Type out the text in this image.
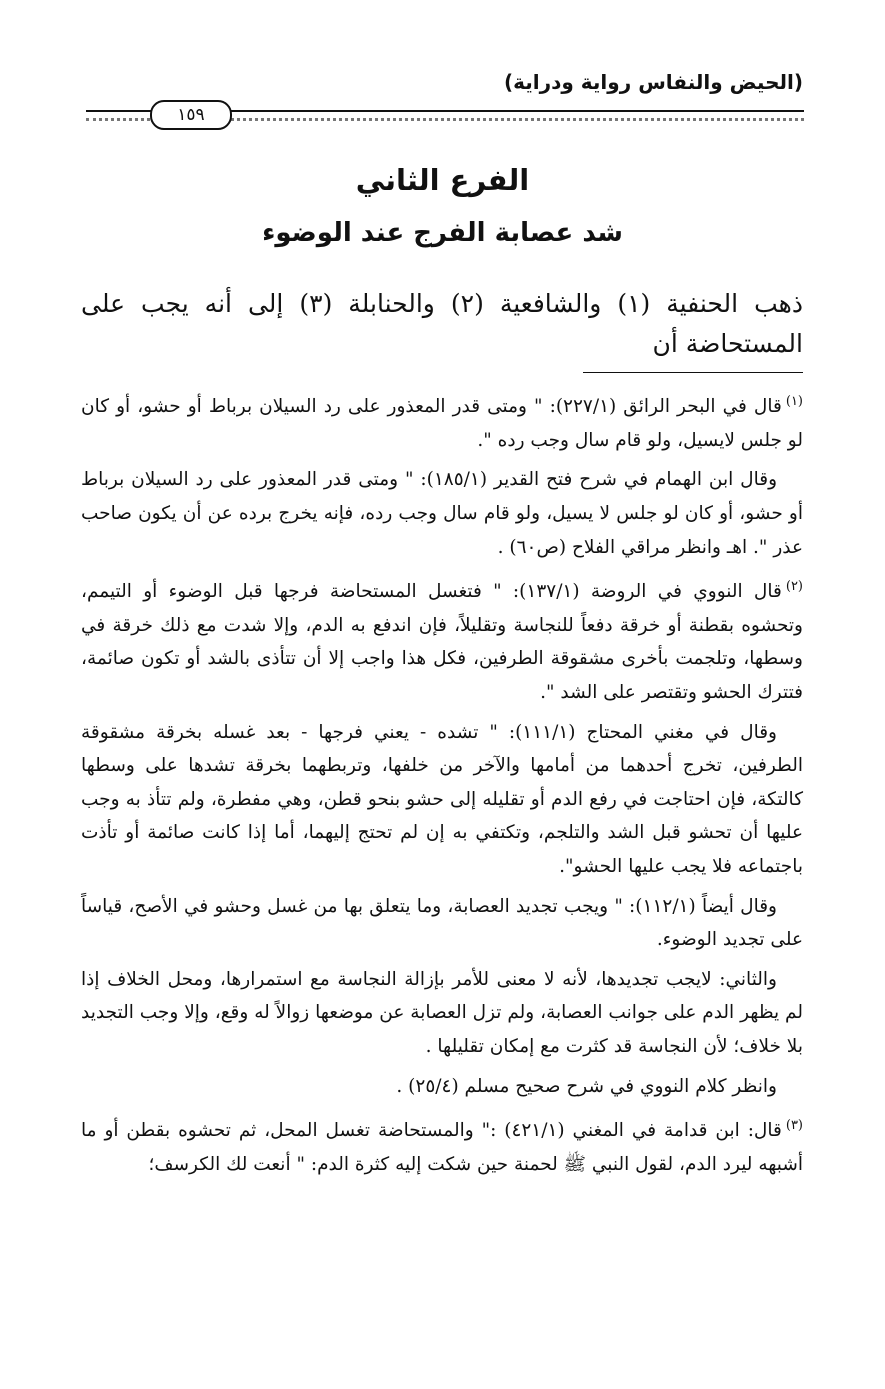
(الحيض والنفاس رواية ودراية)
١٥٩
الفرع الثاني
شد عصابة الفرج عند الوضوء
ذهب الحنفية (١) والشافعية (٢) والحنابلة (٣) إلى أنه يجب على المستحاضة أن

$^{(١)}$قال في البحر الرائق (٢٢٧/١): " ومتى قدر المعذور على رد السيلان برباط أو حشو، أو كان لو جلس لايسيل، ولو قام سال وجب رده ".

وقال ابن الهمام في شرح فتح القدير (١٨٥/١): " ومتى قدر المعذور على رد السيلان برباط أو حشو، أو كان لو جلس لا يسيل، ولو قام سال وجب رده، فإنه يخرج برده عن أن يكون صاحب عذر ". اهـ وانظر مراقي الفلاح (ص٦٠) .

$^{(٢)}$قال النووي في الروضة (١٣٧/١): " فتغسل المستحاضة فرجها قبل الوضوء أو التيمم، وتحشوه بقطنة أو خرقة دفعاً للنجاسة وتقليلاً، فإن اندفع به الدم، وإلا شدت مع ذلك خرقة في وسطها، وتلجمت بأخرى مشقوقة الطرفين، فكل هذا واجب إلا أن تتأذى بالشد أو تكون صائمة، فتترك الحشو وتقتصر على الشد ".

وقال في مغني المحتاج (١١١/١): " تشده - يعني فرجها - بعد غسله بخرقة مشقوقة الطرفين، تخرج أحدهما من أمامها والآخر من خلفها، وتربطهما بخرقة تشدها على وسطها كالتكة، فإن احتاجت في رفع الدم أو تقليله إلى حشو بنحو قطن، وهي مفطرة، ولم تتأذ به وجب عليها أن تحشو قبل الشد والتلجم، وتكتفي به إن لم تحتج إليهما، أما إذا كانت صائمة أو تأذت باجتماعه فلا يجب عليها الحشو".

وقال أيضاً (١١٢/١): " ويجب تجديد العصابة، وما يتعلق بها من غسل وحشو في الأصح، قياساً على تجديد الوضوء.

والثاني: لايجب تجديدها، لأنه لا معنى للأمر بإزالة النجاسة مع استمرارها، ومحل الخلاف إذا لم يظهر الدم على جوانب العصابة، ولم تزل العصابة عن موضعها زوالاً له وقع، وإلا وجب التجديد بلا خلاف؛ لأن النجاسة قد كثرت مع إمكان تقليلها .

وانظر كلام النووي في شرح صحيح مسلم (٢٥/٤) .

$^{(٣)}$قال: ابن قدامة في المغني (٤٢١/١) :" والمستحاضة تغسل المحل، ثم تحشوه بقطن أو ما أشبهه ليرد الدم، لقول النبي ﷺ لحمنة حين شكت إليه كثرة الدم: " أنعت لك الكرسف؛
